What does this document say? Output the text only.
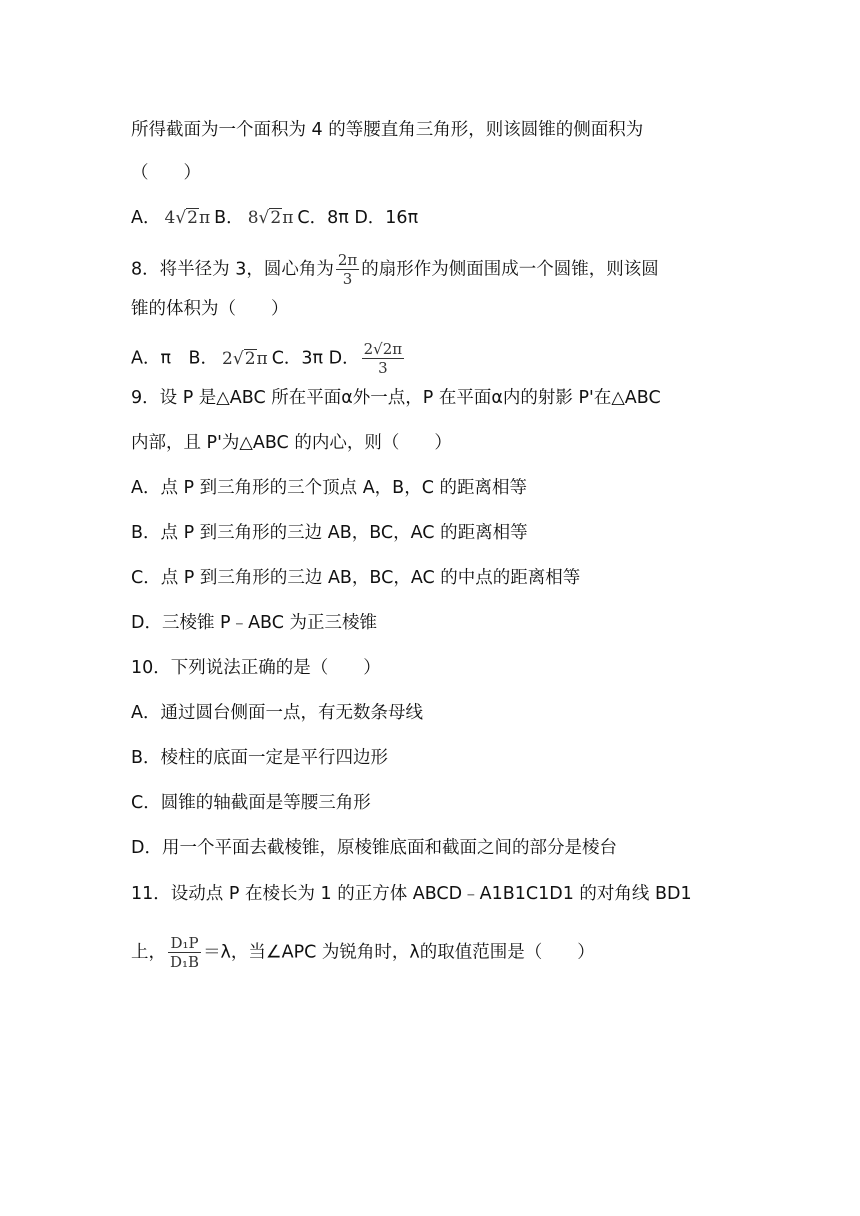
所得截面为一个面积为 4 的等腰直角三角形，则该圆锥的侧面积为
（　　）
A． 4√2π B． 8√2π C．8π D．16π
8．将半径为 3，圆心角为 $\frac{2\pi}{3}$ 的扇形作为侧面围成一个圆锥，则该圆
锥的体积为（　　）
A．π　B． 2√2π C．3π D． $\frac{2√2\pi}{3}$
9．设 P 是△ABC 所在平面α外一点，P 在平面α内的射影 P'在△ABC
内部，且 P'为△ABC 的内心，则（　　）
A．点 P 到三角形的三个顶点 A，B，C 的距离相等
B．点 P 到三角形的三边 AB，BC，AC 的距离相等
C．点 P 到三角形的三边 AB，BC，AC 的中点的距离相等
D．三棱锥 P﹣ABC 为正三棱锥
10．下列说法正确的是（　　）
A．通过圆台侧面一点，有无数条母线
B．棱柱的底面一定是平行四边形
C．圆锥的轴截面是等腰三角形
D．用一个平面去截棱锥，原棱锥底面和截面之间的部分是棱台
11．设动点 P 在棱长为 1 的正方体 ABCD﹣A1B1C1D1 的对角线 BD1
上， $\frac{\text{D₁P}}{\text{D₁B}} =\lambda$，当∠APC 为锐角时，λ的取值范围是（　　）
